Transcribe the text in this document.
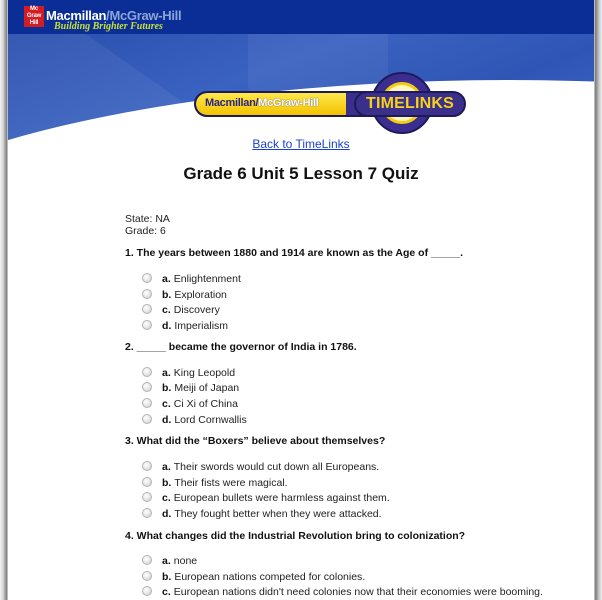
Mc
Graw
Hill Macmillan/McGraw-Hill
Building Brighter Futures
Macmillan/McGraw-Hill	TIMELINKS
Back to TimeLinks
Grade 6 Unit 5 Lesson 7 Quiz
State: NA
Grade: 6
1. The years between 1880 and 1914 are known as the Age of _____.
a. Enlightenment
b. Exploration
c. Discovery
d. Imperialism
2. _____ became the governor of India in 1786.
a. King Leopold
b. Meiji of Japan
c. Ci Xi of China
d. Lord Cornwallis
3. What did the “Boxers” believe about themselves?
a. Their swords would cut down all Europeans.
b. Their fists were magical.
c. European bullets were harmless against them.
d. They fought better when they were attacked.
4. What changes did the Industrial Revolution bring to colonization?
a. none
b. European nations competed for colonies.
c. European nations didn't need colonies now that their economies were booming.
